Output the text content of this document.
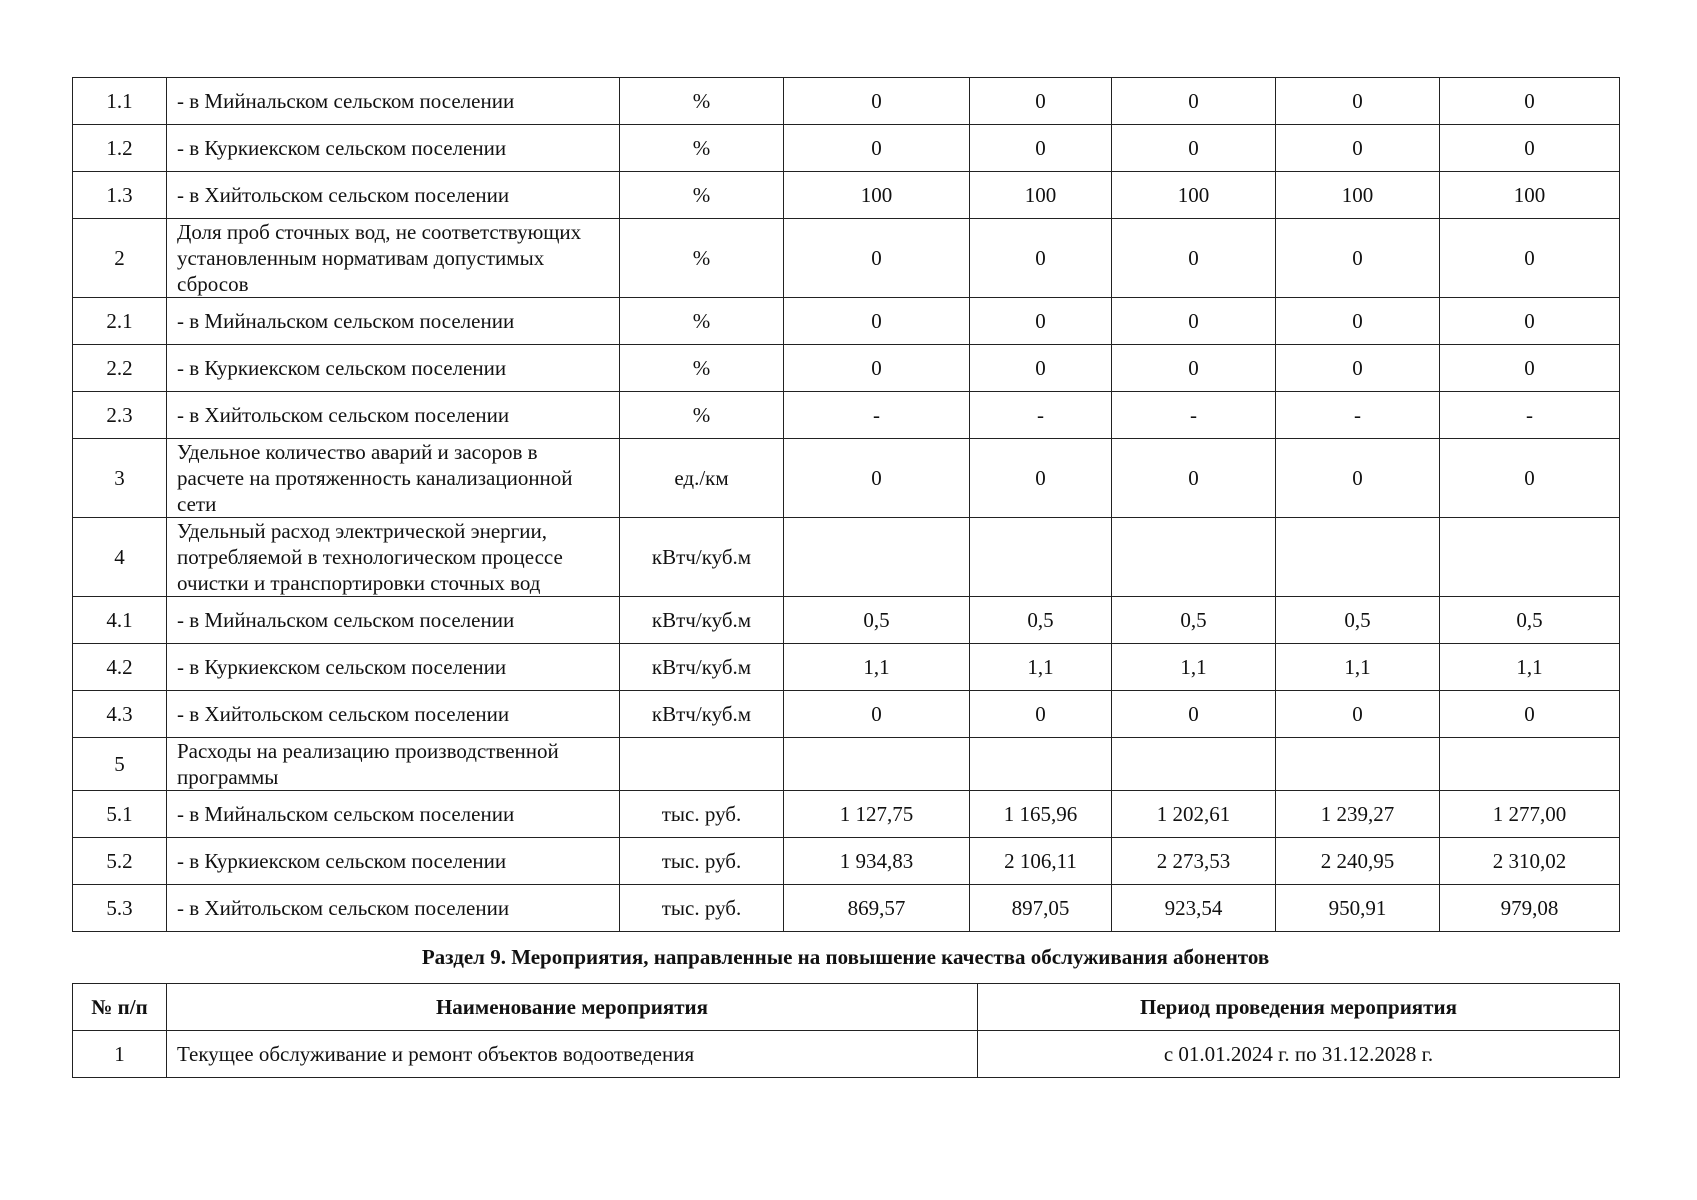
1.1	- в Мийнальском сельском поселении	%	0	0	0	0	0
1.2	- в Куркиекском сельском поселении	%	0	0	0	0	0
1.3	- в Хийтольском сельском поселении	%	100	100	100	100	100
2	Доля проб сточных вод, не соответствующих установленным нормативам допустимых сбросов	%	0	0	0	0	0
2.1	- в Мийнальском сельском поселении	%	0	0	0	0	0
2.2	- в Куркиекском сельском поселении	%	0	0	0	0	0
2.3	- в Хийтольском сельском поселении	%	-	-	-	-	-
3	Удельное количество аварий и засоров в расчете на протяженность канализационной сети	ед./км	0	0	0	0	0
4	Удельный расход электрической энергии, потребляемой в технологическом процессе очистки и транспортировки сточных вод	кВтч/куб.м					
4.1	- в Мийнальском сельском поселении	кВтч/куб.м	0,5	0,5	0,5	0,5	0,5
4.2	- в Куркиекском сельском поселении	кВтч/куб.м	1,1	1,1	1,1	1,1	1,1
4.3	- в Хийтольском сельском поселении	кВтч/куб.м	0	0	0	0	0
5	Расходы на реализацию производственной программы						
5.1	- в Мийнальском сельском поселении	тыс. руб.	1 127,75	1 165,96	1 202,61	1 239,27	1 277,00
5.2	- в Куркиекском сельском поселении	тыс. руб.	1 934,83	2 106,11	2 273,53	2 240,95	2 310,02
5.3	- в Хийтольском сельском поселении	тыс. руб.	869,57	897,05	923,54	950,91	979,08
Раздел 9. Мероприятия, направленные на повышение качества обслуживания абонентов
№ п/п	Наименование мероприятия	Период проведения мероприятия
1	Текущее обслуживание и ремонт объектов водоотведения	с 01.01.2024 г. по 31.12.2028 г.
